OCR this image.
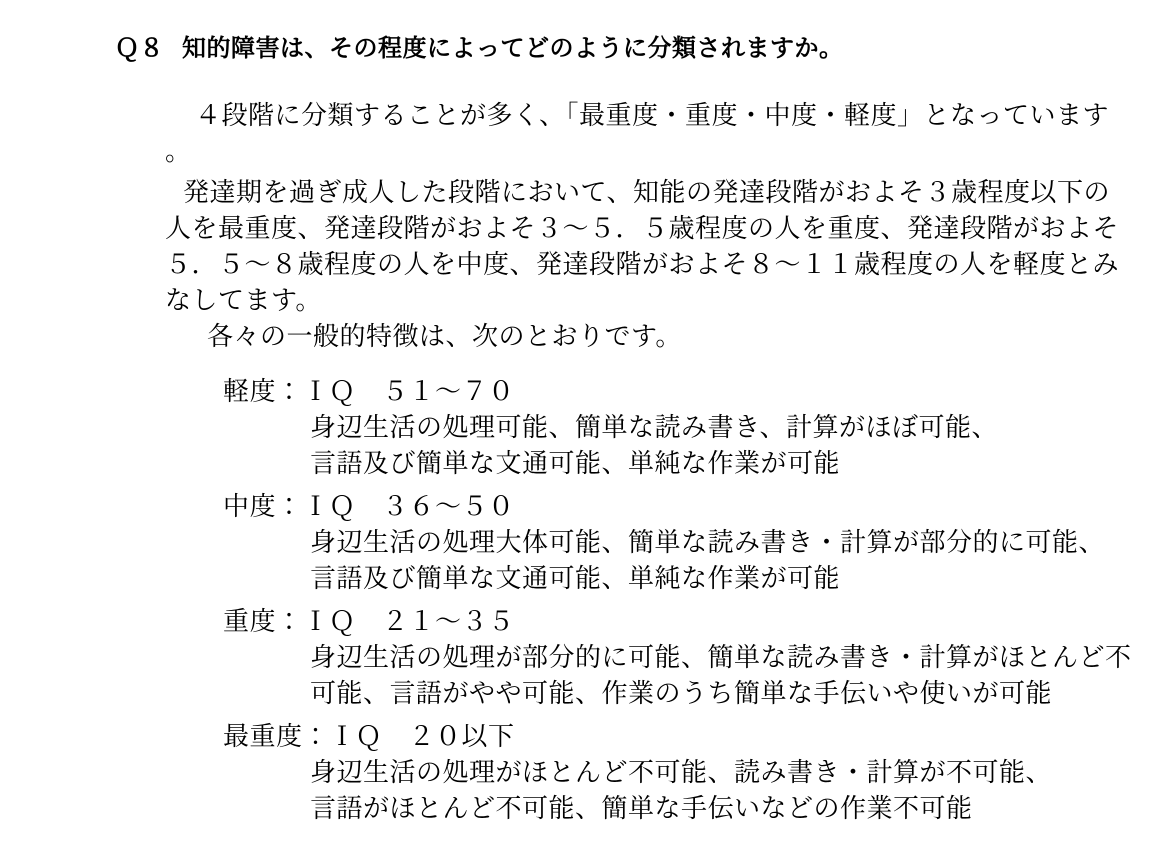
Ｑ８ 知的障害は、その程度によってどのように分類されますか。
４段階に分類することが多く、「最重度・重度・中度・軽度」となっています
。
発達期を過ぎ成人した段階において、知能の発達段階がおよそ３歳程度以下の
人を最重度、発達段階がおよそ３～５．５歳程度の人を重度、発達段階がおよそ
５．５～８歳程度の人を中度、発達段階がおよそ８～１１歳程度の人を軽度とみ
なしてます。
各々の一般的特徴は、次のとおりです。
軽度：ＩＱ　５１～７０
身辺生活の処理可能、簡単な読み書き、計算がほぼ可能、
言語及び簡単な文通可能、単純な作業が可能
中度：ＩＱ　３６～５０
身辺生活の処理大体可能、簡単な読み書き・計算が部分的に可能、
言語及び簡単な文通可能、単純な作業が可能
重度：ＩＱ　２１～３５
身辺生活の処理が部分的に可能、簡単な読み書き・計算がほとんど不
可能、言語がやや可能、作業のうち簡単な手伝いや使いが可能
最重度：ＩＱ　２０以下
身辺生活の処理がほとんど不可能、読み書き・計算が不可能、
言語がほとんど不可能、簡単な手伝いなどの作業不可能
